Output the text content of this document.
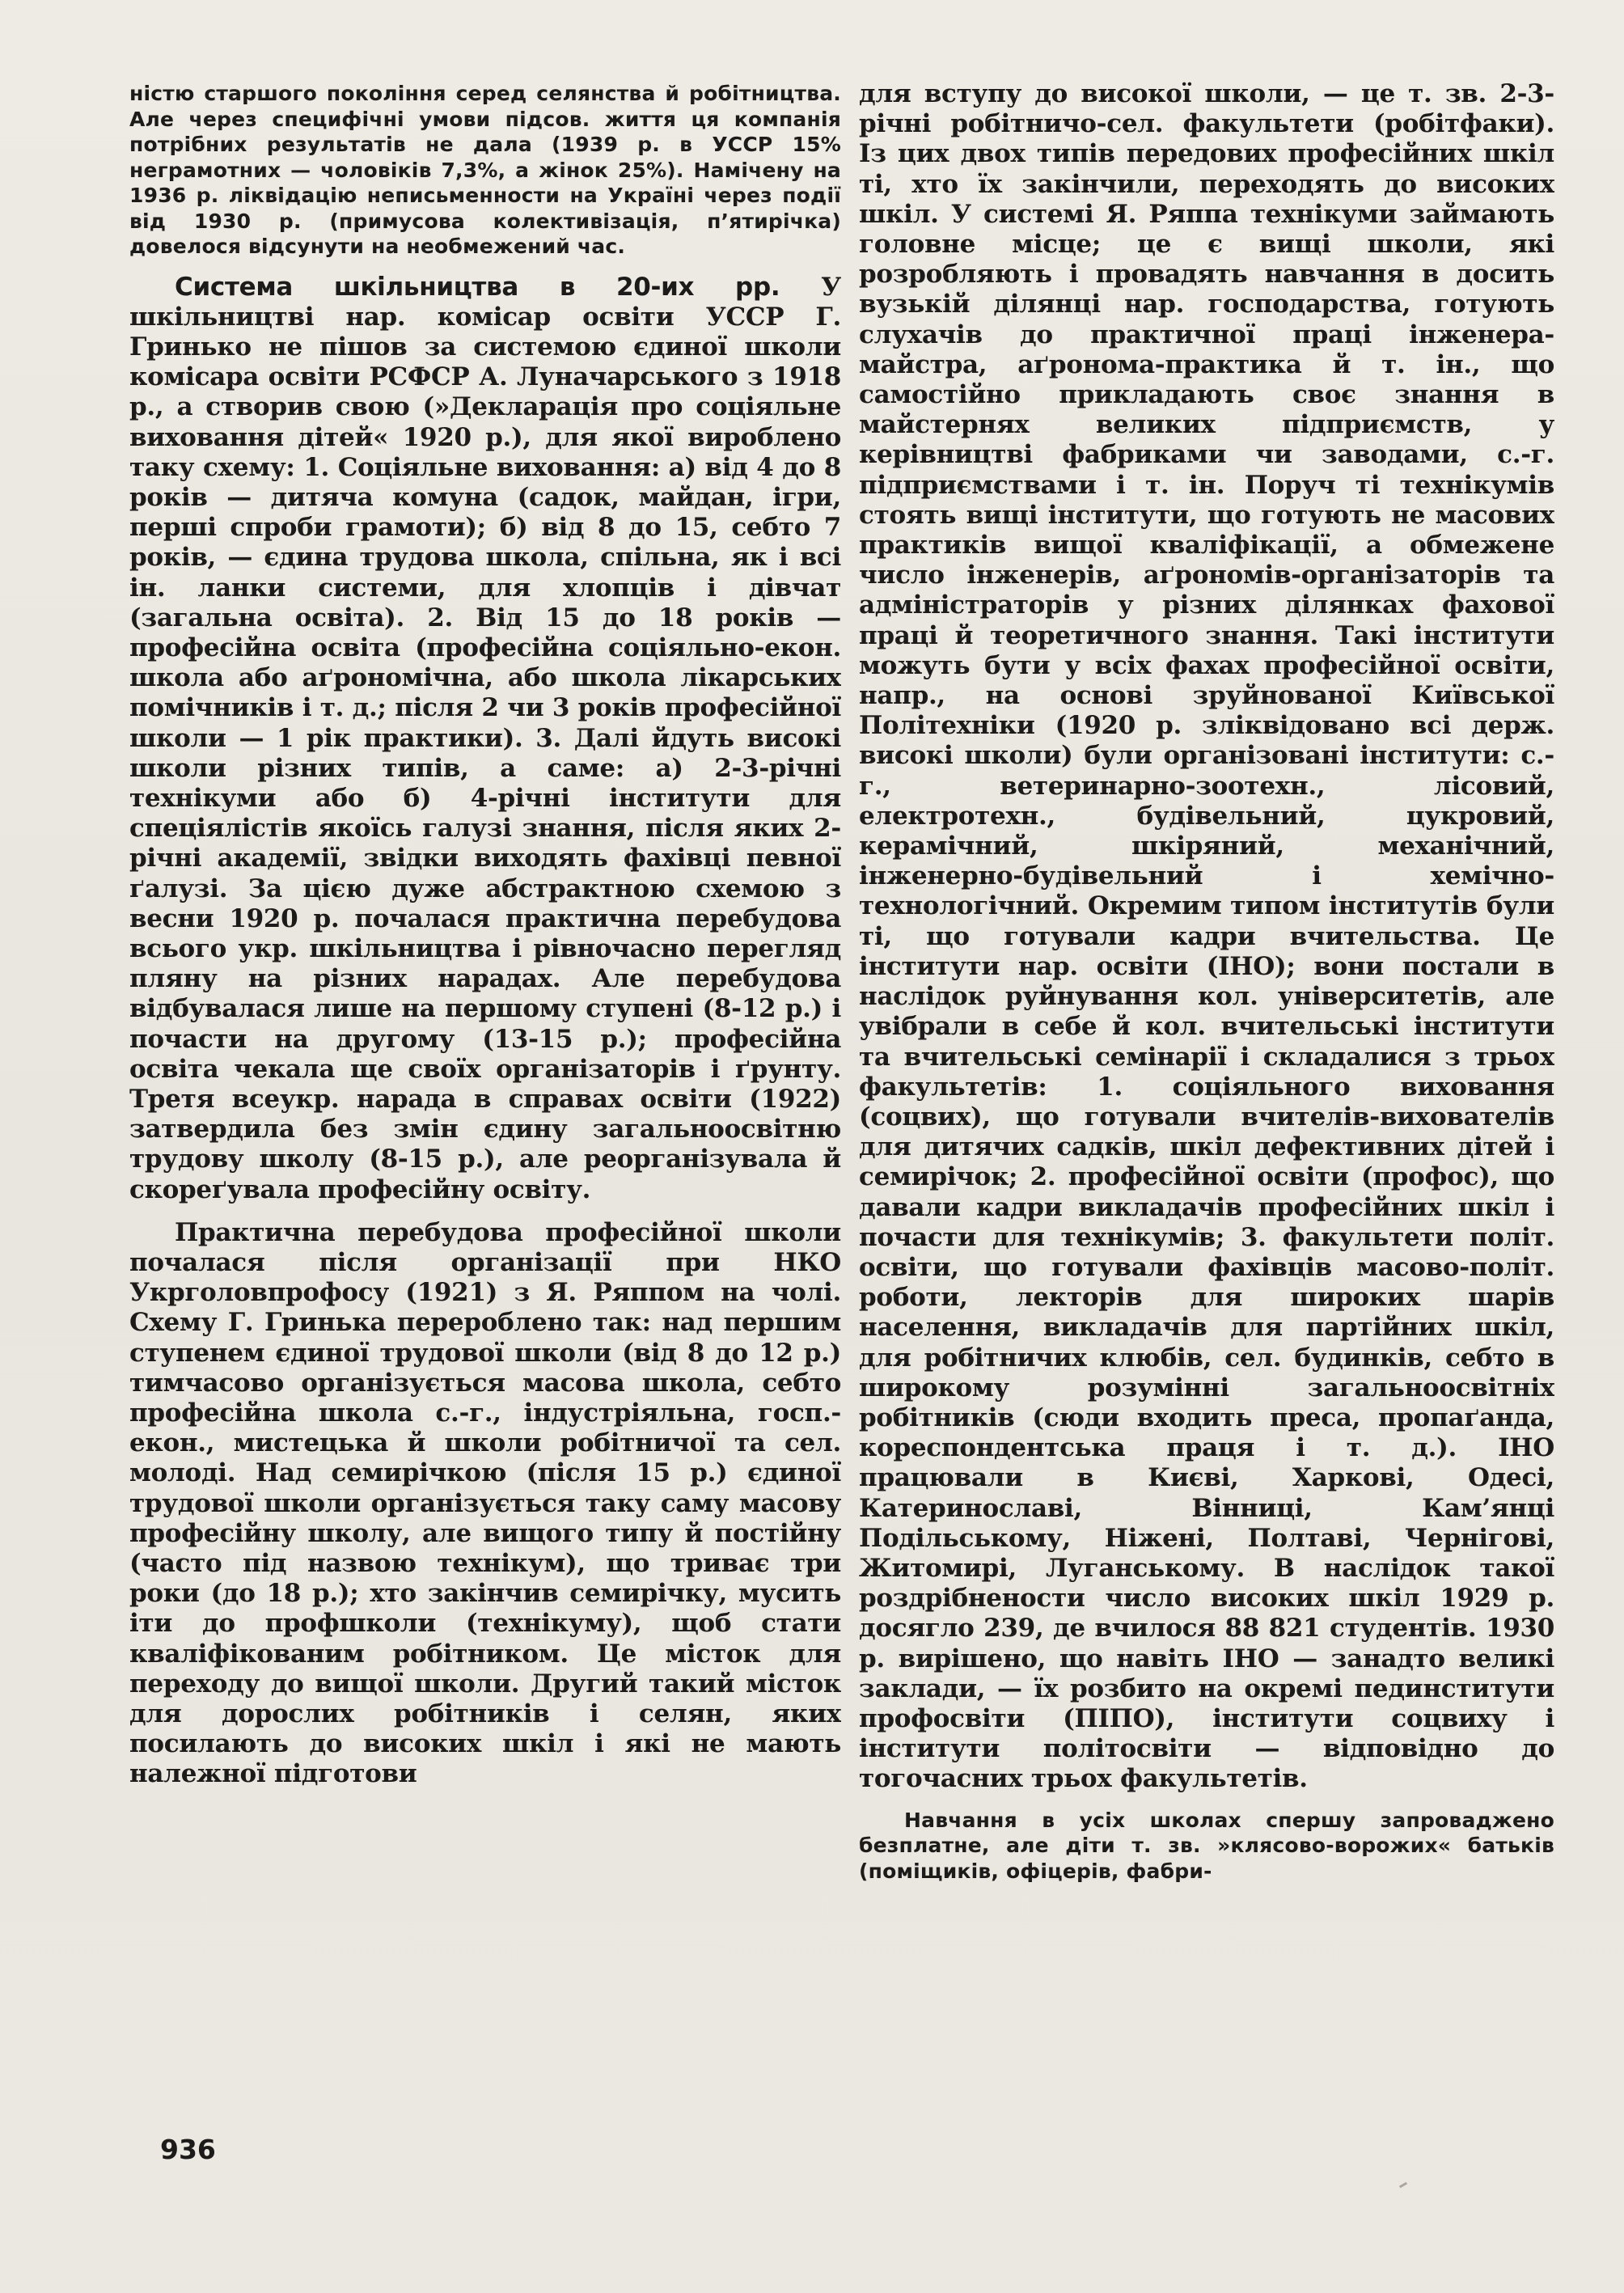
ністю старшого покоління серед селянства й робітництва. Але через специфічні умови підсов. життя ця компанія потрібних результатів не дала (1939 р. в УССР 15% неграмотних — чоловіків 7,3%, а жінок 25%). Намічену на 1936 р. ліквідацію неписьменности на Україні через події від 1930 р. (примусова колективізація, п’ятирічка) довелося відсунути на необмежений час.

Система шкільництва в 20-их рр. У шкільництві нар. комісар освіти УССР Г. Гринько не пішов за системою єдиної школи комісара освіти РСФСР А. Луначарського з 1918 р., а створив свою (»Декларація про соціяльне виховання дітей« 1920 р.), для якої вироблено таку схему: 1. Соціяльне виховання: а) від 4 до 8 років — дитяча комуна (садок, майдан, ігри, перші спроби грамоти); б) від 8 до 15, себто 7 років, — єдина трудова школа, спільна, як і всі ін. ланки системи, для хлопців і дівчат (загальна освіта). 2. Від 15 до 18 років — професійна освіта (професійна соціяльно-екон. школа або аґрономічна, або школа лікарських помічників і т. д.; після 2 чи 3 років професійної школи — 1 рік практики). 3. Далі йдуть високі школи різних типів, а саме: а) 2-3-річні технікуми або б) 4-річні інститути для спеціялістів якоїсь галузі знання, після яких 2-річні академії, звідки виходять фахівці певної ґалузі. За цією дуже абстрактною схемою з весни 1920 р. почалася практична перебудова всього укр. шкільництва і рівночасно перегляд пляну на різних нарадах. Але перебудова відбувалася лише на першому ступені (8-12 р.) і почасти на другому (13-15 р.); професійна освіта чекала ще своїх організаторів і ґрунту. Третя всеукр. нарада в справах освіти (1922) затвердила без змін єдину загальноосвітню трудову школу (8-15 р.), але реорганізувала й скореґувала професійну освіту.

Практична перебудова професійної школи почалася після організації при НКО Укрголовпрофосу (1921) з Я. Ряппом на чолі. Схему Г. Гринька перероблено так: над першим ступенем єдиної трудової школи (від 8 до 12 р.) тимчасово організується масова школа, себто професійна школа с.-г., індустріяльна, госп.-екон., мистецька й школи робітничої та сел. молоді. Над семирічкою (після 15 р.) єдиної трудової школи організується таку саму масову професійну школу, але вищого типу й постійну (часто під назвою технікум), що триває три роки (до 18 р.); хто закінчив семирічку, мусить іти до профшколи (технікуму), щоб стати кваліфікованим робітником. Це місток для переходу до вищої школи. Другий такий місток для дорослих робітників і селян, яких посилають до високих шкіл і які не мають належної підготови

для вступу до високої школи, — це т. зв. 2-3-річні робітничо-сел. факультети (робітфаки). Із цих двох типів передових професійних шкіл ті, хто їх закінчили, переходять до високих шкіл. У системі Я. Ряппа технікуми займають головне місце; це є вищі школи, які розробляють і провадять навчання в досить вузькій ділянці нар. господарства, готують слухачів до практичної праці інженера-майстра, аґронома-практика й т. ін., що самостійно прикладають своє знання в майстернях великих підприємств, у керівництві фабриками чи заводами, с.-г. підприємствами і т. ін. Поруч ті технікумів стоять вищі інститути, що готують не масових практиків вищої кваліфікації, а обмежене число інженерів, аґрономів-організаторів та адміністраторів у різних ділянках фахової праці й теоретичного знання. Такі інститути можуть бути у всіх фахах професійної освіти, напр., на основі зруйнованої Київської Політехніки (1920 р. зліквідовано всі держ. високі школи) були організовані інститути: с.-г., ветеринарно-зоотехн., лісовий, електротехн., будівельний, цукровий, керамічний, шкіряний, механічний, інженерно-будівельний і хемічно-технологічний. Окремим типом інститутів були ті, що готували кадри вчительства. Це інститути нар. освіти (ІНО); вони постали в наслідок руйнування кол. університетів, але увібрали в себе й кол. вчительські інститути та вчительські семінарії і складалися з трьох факультетів: 1. соціяльного виховання (соцвих), що готували вчителів-вихователів для дитячих садків, шкіл дефективних дітей і семирічок; 2. професійної освіти (профос), що давали кадри викладачів професійних шкіл і почасти для технікумів; 3. факультети політ. освіти, що готували фахівців масово-політ. роботи, лекторів для широких шарів населення, викладачів для партійних шкіл, для робітничих клюбів, сел. будинків, себто в широкому розумінні загальноосвітніх робітників (сюди входить преса, пропаґанда, кореспондентська праця і т. д.). ІНО працювали в Києві, Харкові, Одесі, Катеринославі, Вінниці, Кам’янці Подільському, Ніжені, Полтаві, Чернігові, Житомирі, Луганському. В наслідок такої роздрібнености число високих шкіл 1929 р. досягло 239, де вчилося 88 821 студентів. 1930 р. вирішено, що навіть ІНО — занадто великі заклади, — їх розбито на окремі пединститути профосвіти (ПІПО), інститути соцвиху і інститути політосвіти — відповідно до тогочасних трьох факультетів.

Навчання в усіх школах спершу запроваджено безплатне, але діти т. зв. »клясово-ворожих« батьків (поміщиків, офіцерів, фабри-

936
